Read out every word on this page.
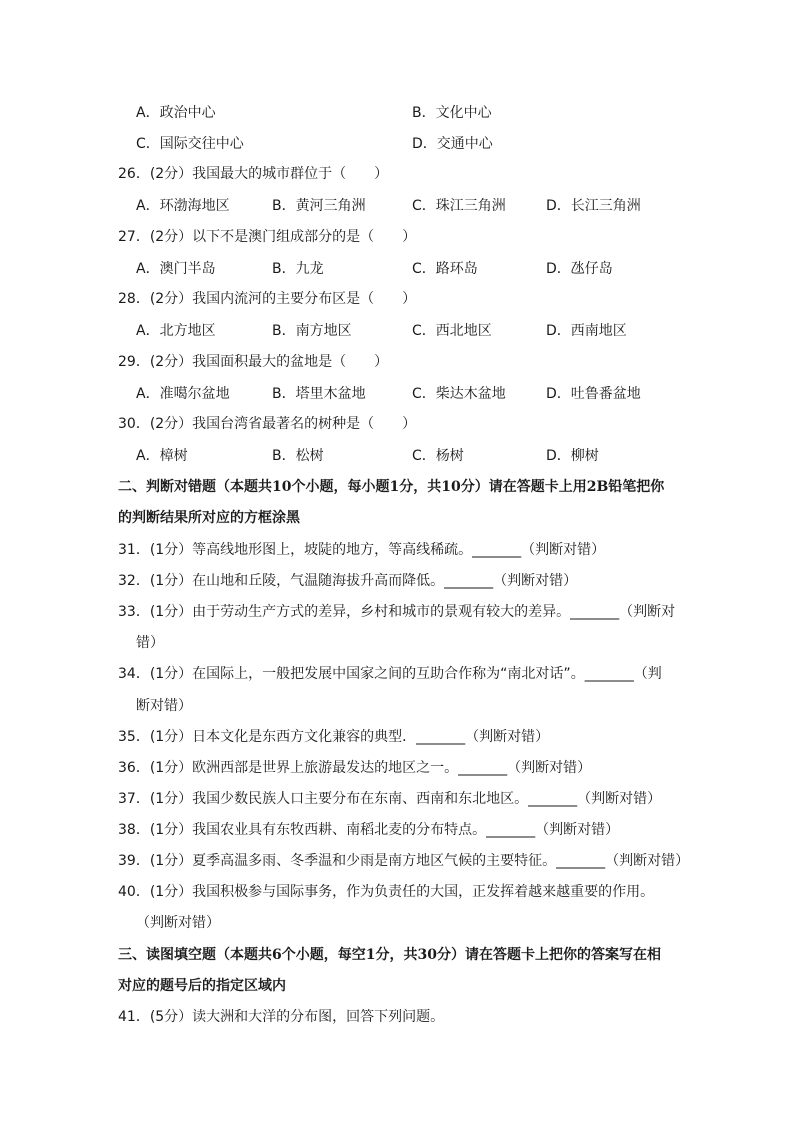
A．政治中心	B．文化中心
C．国际交往中心	D．交通中心
26．(2分）我国最大的城市群位于（　　）
A．环渤海地区	B．黄河三角洲	C．珠江三角洲	D．长江三角洲
27．(2分）以下不是澳门组成部分的是（　　）
A．澳门半岛	B．九龙	C．路环岛	D．氹仔岛
28．(2分）我国内流河的主要分布区是（　　）
A．北方地区	B．南方地区	C．西北地区	D．西南地区
29．(2分）我国面积最大的盆地是（　　）
A．准噶尔盆地	B．塔里木盆地	C．柴达木盆地	D．吐鲁番盆地
30．(2分）我国台湾省最著名的树种是（　　）
A．樟树	B．松树	C．杨树	D．柳树
二、判断对错题（本题共10个小题，每小题1分，共10分）请在答题卡上用2B铅笔把你
的判断结果所对应的方框涂黑
31．(1分）等高线地形图上，坡陡的地方，等高线稀疏。_______（判断对错）
32．(1分）在山地和丘陵，气温随海拔升高而降低。_______（判断对错）
33．(1分）由于劳动生产方式的差异，乡村和城市的景观有较大的差异。_______（判断对
错）
34．(1分）在国际上，一般把发展中国家之间的互助合作称为“南北对话”。_______（判
断对错）
35．(1分）日本文化是东西方文化兼容的典型．_______（判断对错）
36．(1分）欧洲西部是世界上旅游最发达的地区之一。_______（判断对错）
37．(1分）我国少数民族人口主要分布在东南、西南和东北地区。_______（判断对错）
38．(1分）我国农业具有东牧西耕、南稻北麦的分布特点。_______（判断对错）
39．(1分）夏季高温多雨、冬季温和少雨是南方地区气候的主要特征。_______（判断对错）
40．(1分）我国积极参与国际事务，作为负责任的大国，正发挥着越来越重要的作用。
（判断对错）
三、读图填空题（本题共6个小题，每空1分，共30分）请在答题卡上把你的答案写在相
对应的题号后的指定区域内
41．(5分）读大洲和大洋的分布图，回答下列问题。
